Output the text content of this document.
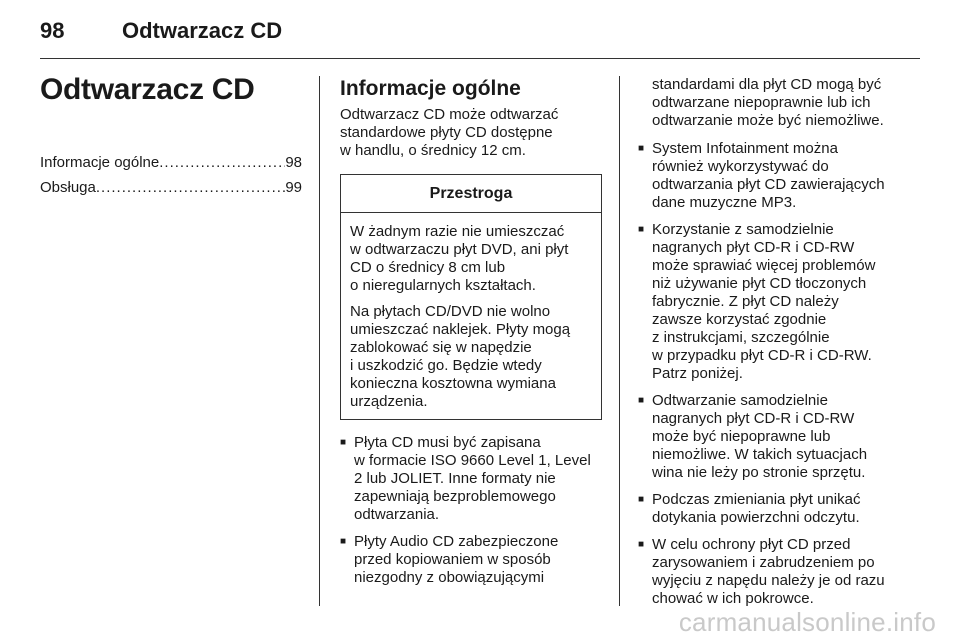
98	Odtwarzacz CD
Odtwarzacz CD
Informacje ogólne .....	98
Obsługa .....	99
Informacje ogólne

Odtwarzacz CD może odtwarzać
standardowe płyty CD dostępne
w handlu, o średnicy 12 cm.

Przestroga

W żadnym razie nie umieszczać
w odtwarzaczu płyt DVD, ani płyt
CD o średnicy 8 cm lub
o nieregularnych kształtach.

Na płytach CD/DVD nie wolno
umieszczać naklejek. Płyty mogą
zablokować się w napędzie
i uszkodzić go. Będzie wtedy
konieczna kosztowna wymiana
urządzenia.

■ Płyta CD musi być zapisana
w formacie ISO 9660 Level 1, Level
2 lub JOLIET. Inne formaty nie
zapewniają bezproblemowego
odtwarzania.
■ Płyty Audio CD zabezpieczone
przed kopiowaniem w sposób
niezgodny z obowiązującymi

standardami dla płyt CD mogą być
odtwarzane niepoprawnie lub ich
odtwarzanie może być niemożliwe.

■ System Infotainment można
również wykorzystywać do
odtwarzania płyt CD zawierających
dane muzyczne MP3.
■ Korzystanie z samodzielnie
nagranych płyt CD-R i CD-RW
może sprawiać więcej problemów
niż używanie płyt CD tłoczonych
fabrycznie. Z płyt CD należy
zawsze korzystać zgodnie
z instrukcjami, szczególnie
w przypadku płyt CD-R i CD-RW.
Patrz poniżej.
■ Odtwarzanie samodzielnie
nagranych płyt CD-R i CD-RW
może być niepoprawne lub
niemożliwe. W takich sytuacjach
wina nie leży po stronie sprzętu.
■ Podczas zmieniania płyt unikać
dotykania powierzchni odczytu.
■ W celu ochrony płyt CD przed
zarysowaniem i zabrudzeniem po
wyjęciu z napędu należy je od razu
chować w ich pokrowce.
carmanualsonline.info
